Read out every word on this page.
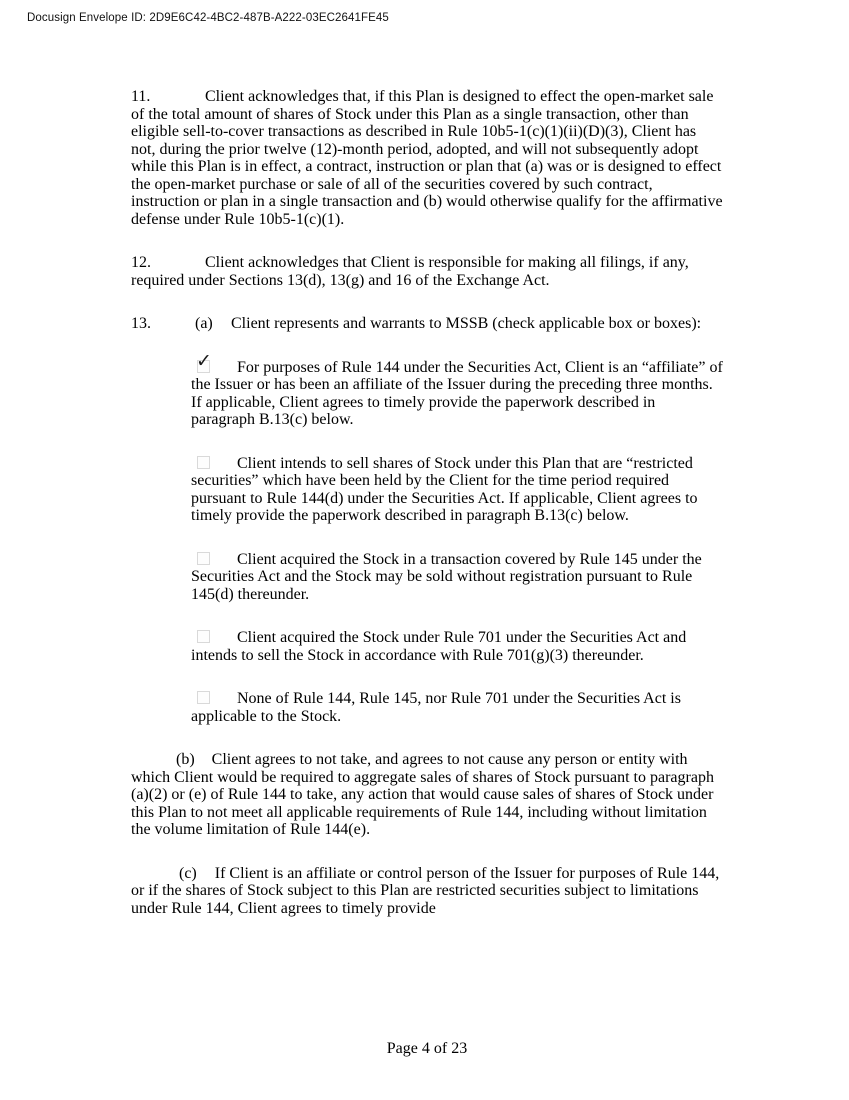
Docusign Envelope ID: 2D9E6C42-4BC2-487B-A222-03EC2641FE45

11.	Client acknowledges that, if this Plan is designed to effect the open-market sale of the total amount of shares of Stock under this Plan as a single transaction, other than eligible sell-to-cover transactions as described in Rule 10b5-1(c)(1)(ii)(D)(3), Client has not, during the prior twelve (12)-month period, adopted, and will not subsequently adopt while this Plan is in effect, a contract, instruction or plan that (a) was or is designed to effect the open-market purchase or sale of all of the securities covered by such contract, instruction or plan in a single transaction and (b) would otherwise qualify for the affirmative defense under Rule 10b5-1(c)(1).

12.	Client acknowledges that Client is responsible for making all filings, if any, required under Sections 13(d), 13(g) and 16 of the Exchange Act.

13.	(a) Client represents and warrants to MSSB (check applicable box or boxes):

✓ For purposes of Rule 144 under the Securities Act, Client is an “affiliate” of the Issuer or has been an affiliate of the Issuer during the preceding three months. If applicable, Client agrees to timely provide the paperwork described in paragraph B.13(c) below.

Client intends to sell shares of Stock under this Plan that are “restricted securities” which have been held by the Client for the time period required pursuant to Rule 144(d) under the Securities Act. If applicable, Client agrees to timely provide the paperwork described in paragraph B.13(c) below.

Client acquired the Stock in a transaction covered by Rule 145 under the Securities Act and the Stock may be sold without registration pursuant to Rule 145(d) thereunder.

Client acquired the Stock under Rule 701 under the Securities Act and intends to sell the Stock in accordance with Rule 701(g)(3) thereunder.

None of Rule 144, Rule 145, nor Rule 701 under the Securities Act is applicable to the Stock.

(b) Client agrees to not take, and agrees to not cause any person or entity with which Client would be required to aggregate sales of shares of Stock pursuant to paragraph (a)(2) or (e) of Rule 144 to take, any action that would cause sales of shares of Stock under this Plan to not meet all applicable requirements of Rule 144, including without limitation the volume limitation of Rule 144(e).

(c) If Client is an affiliate or control person of the Issuer for purposes of Rule 144, or if the shares of Stock subject to this Plan are restricted securities subject to limitations under Rule 144, Client agrees to timely provide

Page 4 of 23
